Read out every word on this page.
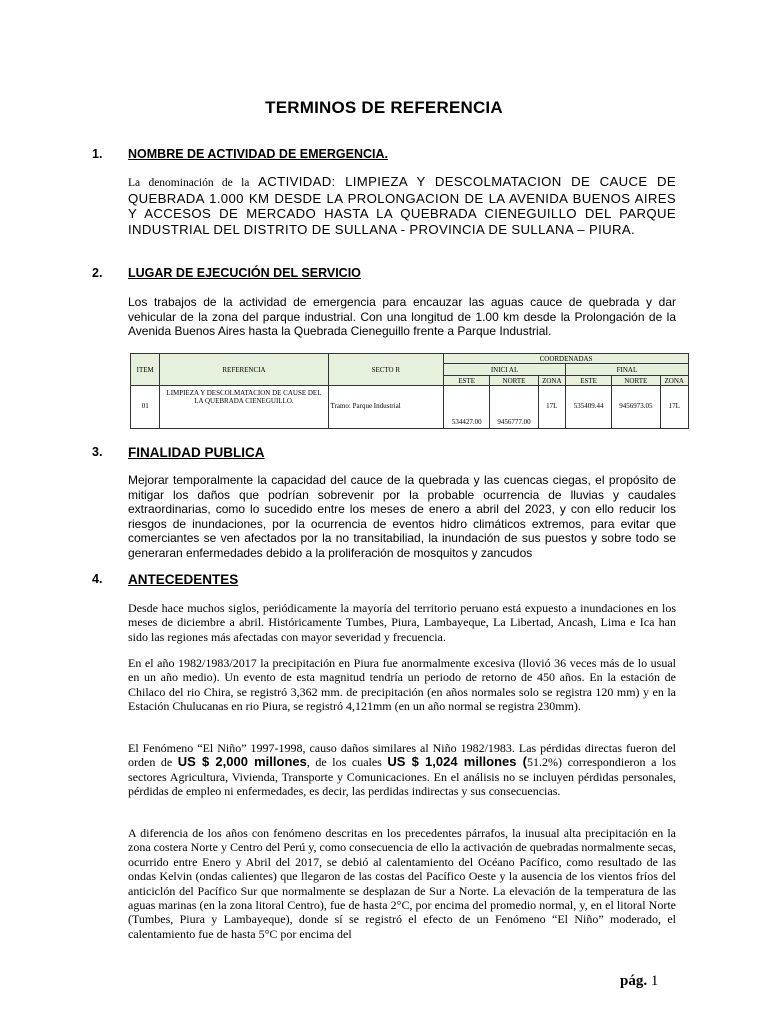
TERMINOS DE REFERENCIA
1. NOMBRE DE ACTIVIDAD DE EMERGENCIA.

La denominación de la ACTIVIDAD: LIMPIEZA Y DESCOLMATACION DE CAUCE DE QUEBRADA 1.000 KM DESDE LA PROLONGACION DE LA AVENIDA BUENOS AIRES Y ACCESOS DE MERCADO HASTA LA QUEBRADA CIENEGUILLO DEL PARQUE INDUSTRIAL DEL DISTRITO DE SULLANA - PROVINCIA DE SULLANA – PIURA.

2. LUGAR DE EJECUCIÓN DEL SERVICIO

Los trabajos de la actividad de emergencia para encauzar las aguas cauce de quebrada y dar vehicular de la zona del parque industrial. Con una longitud de 1.00 km desde la Prolongación de la Avenida Buenos Aires hasta la Quebrada Cieneguillo frente a Parque Industrial.

ITEM	REFERENCIA	SECTO R	COORDENADAS					
			INICI AL			FINAL		
			ESTE	NORTE	ZONA	ESTE	NORTE	ZONA
01	LIMPIEZA Y DESCOLMATACION DE CAUSE DEL LA QUEBRADA CIENEGUILLO.	Tramo: Parque Industrial	534427.00	9456777.00	17L	535409.44	9456973.05	17L
3. FINALIDAD PUBLICA

Mejorar temporalmente la capacidad del cauce de la quebrada y las cuencas ciegas, el propósito de mitigar los daños que podrían sobrevenir por la probable ocurrencia de lluvias y caudales extraordinarias, como lo sucedido entre los meses de enero a abril del 2023, y con ello reducir los riesgos de inundaciones, por la ocurrencia de eventos hidro climáticos extremos, para evitar que comerciantes se ven afectados por la no transitabiliad, la inundación de sus puestos y sobre todo se generaran enfermedades debido a la proliferación de mosquitos y zancudos

4. ANTECEDENTES

Desde hace muchos siglos, periódicamente la mayoría del territorio peruano está expuesto a inundaciones en los meses de diciembre a abril. Históricamente Tumbes, Piura, Lambayeque, La Libertad, Ancash, Lima e Ica han sido las regiones más afectadas con mayor severidad y frecuencia.

En el año 1982/1983/2017 la precipitación en Piura fue anormalmente excesiva (llovió 36 veces más de lo usual en un año medio). Un evento de esta magnitud tendría un periodo de retorno de 450 años. En la estación de Chilaco del rio Chira, se registró 3,362 mm. de precipitación (en años normales solo se registra 120 mm) y en la Estación Chulucanas en rio Piura, se registró 4,121mm (en un año normal se registra 230mm).

El Fenómeno “El Niño” 1997-1998, causo daños similares al Niño 1982/1983. Las pérdidas directas fueron del orden de US $ 2,000 millones, de los cuales US $ 1,024 millones (51.2%) correspondieron a los sectores Agricultura, Vivienda, Transporte y Comunicaciones. En el análisis no se incluyen pérdidas personales, pérdidas de empleo ni enfermedades, es decir, las perdidas indirectas y sus consecuencias.

A diferencia de los años con fenómeno descritas en los precedentes párrafos, la inusual alta precipitación en la zona costera Norte y Centro del Perú y, como consecuencia de ello la activación de quebradas normalmente secas, ocurrido entre Enero y Abril del 2017, se debió al calentamiento del Océano Pacífico, como resultado de las ondas Kelvin (ondas calientes) que llegaron de las costas del Pacífico Oeste y la ausencia de los vientos fríos del anticiclón del Pacífico Sur que normalmente se desplazan de Sur a Norte. La elevación de la temperatura de las aguas marinas (en la zona litoral Centro), fue de hasta 2°C, por encima del promedio normal, y, en el litoral Norte (Tumbes, Piura y Lambayeque), donde sí se registró el efecto de un Fenómeno “El Niño” moderado, el calentamiento fue de hasta 5°C por encima del

pág. 1
